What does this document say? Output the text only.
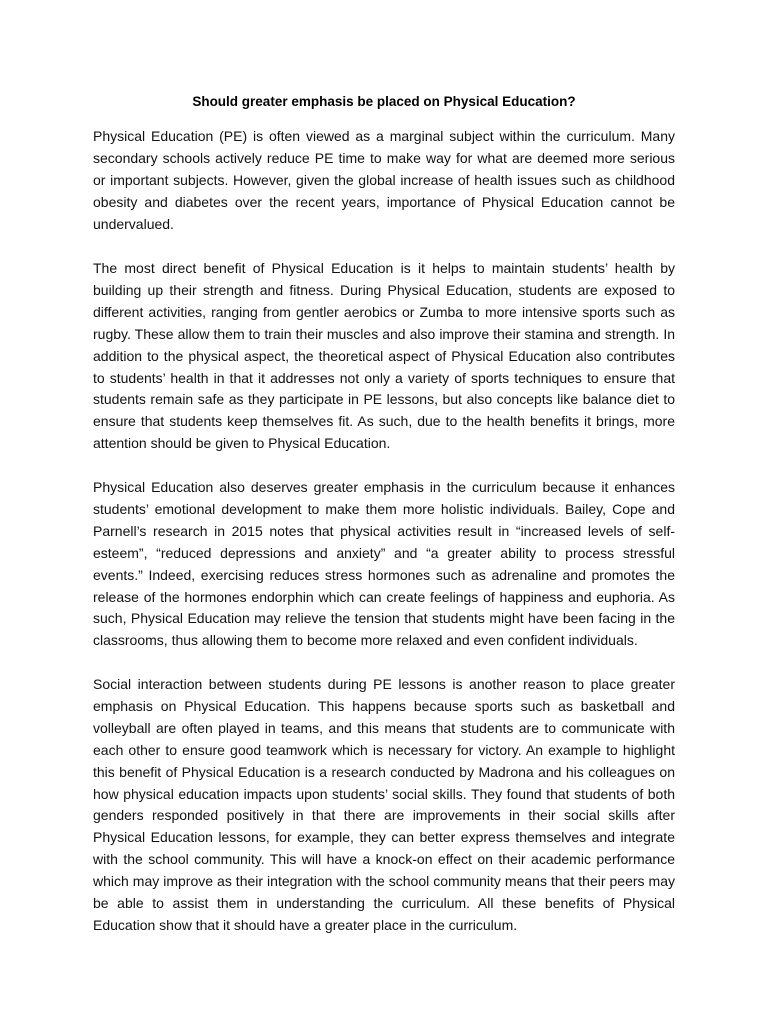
Should greater emphasis be placed on Physical Education?

Physical Education (PE) is often viewed as a marginal subject within the curriculum. Many secondary schools actively reduce PE time to make way for what are deemed more serious or important subjects. However, given the global increase of health issues such as childhood obesity and diabetes over the recent years, importance of Physical Education cannot be undervalued.

The most direct benefit of Physical Education is it helps to maintain students’ health by building up their strength and fitness. During Physical Education, students are exposed to different activities, ranging from gentler aerobics or Zumba to more intensive sports such as rugby. These allow them to train their muscles and also improve their stamina and strength. In addition to the physical aspect, the theoretical aspect of Physical Education also contributes to students’ health in that it addresses not only a variety of sports techniques to ensure that students remain safe as they participate in PE lessons, but also concepts like balance diet to ensure that students keep themselves fit. As such, due to the health benefits it brings, more attention should be given to Physical Education.

Physical Education also deserves greater emphasis in the curriculum because it enhances students’ emotional development to make them more holistic individuals. Bailey, Cope and Parnell’s research in 2015 notes that physical activities result in “increased levels of self-esteem”, “reduced depressions and anxiety” and “a greater ability to process stressful events.” Indeed, exercising reduces stress hormones such as adrenaline and promotes the release of the hormones endorphin which can create feelings of happiness and euphoria. As such, Physical Education may relieve the tension that students might have been facing in the classrooms, thus allowing them to become more relaxed and even confident individuals.

Social interaction between students during PE lessons is another reason to place greater emphasis on Physical Education. This happens because sports such as basketball and volleyball are often played in teams, and this means that students are to communicate with each other to ensure good teamwork which is necessary for victory. An example to highlight this benefit of Physical Education is a research conducted by Madrona and his colleagues on how physical education impacts upon students’ social skills. They found that students of both genders responded positively in that there are improvements in their social skills after Physical Education lessons, for example, they can better express themselves and integrate with the school community. This will have a knock-on effect on their academic performance which may improve as their integration with the school community means that their peers may be able to assist them in understanding the curriculum. All these benefits of Physical Education show that it should have a greater place in the curriculum.
